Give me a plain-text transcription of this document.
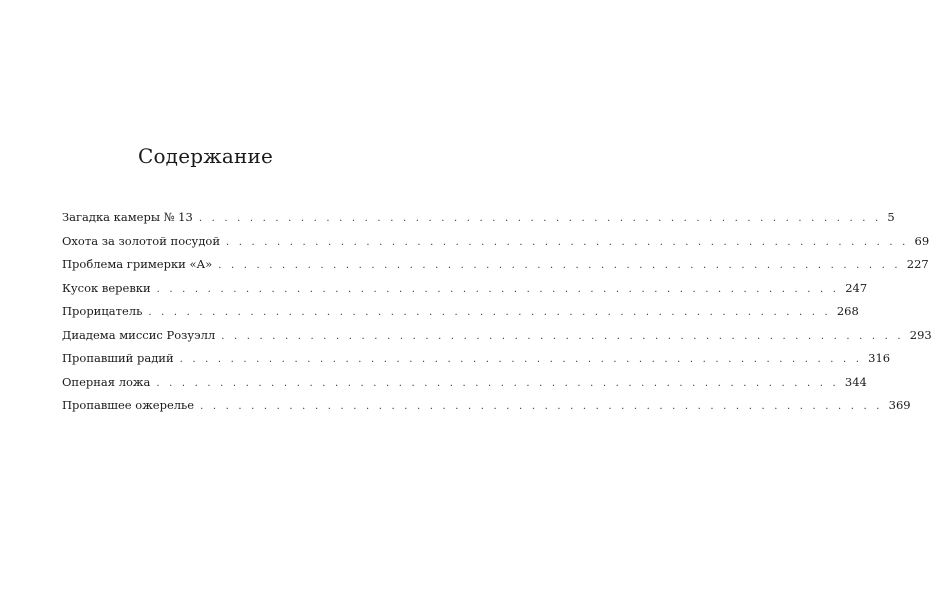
Содержание
Загадка камеры № 13 . . . . . . . . . . . . . . . . . . . . . . . . . . . . . . . . . . . . . . . . . . . . . . . . . . . . . . 5
Охота за золотой посудой . . . . . . . . . . . . . . . . . . . . . . . . . . . . . . . . . . . . . . . . . . . . . . . . . . . . . . 69
Проблема гримерки «А» . . . . . . . . . . . . . . . . . . . . . . . . . . . . . . . . . . . . . . . . . . . . . . . . . . . . . . 227
Кусок веревки . . . . . . . . . . . . . . . . . . . . . . . . . . . . . . . . . . . . . . . . . . . . . . . . . . . . . . 247
Прорицатель . . . . . . . . . . . . . . . . . . . . . . . . . . . . . . . . . . . . . . . . . . . . . . . . . . . . . . 268
Диадема миссис Розуэлл . . . . . . . . . . . . . . . . . . . . . . . . . . . . . . . . . . . . . . . . . . . . . . . . . . . . . . 293
Пропавший радий . . . . . . . . . . . . . . . . . . . . . . . . . . . . . . . . . . . . . . . . . . . . . . . . . . . . . . 316
Оперная ложа . . . . . . . . . . . . . . . . . . . . . . . . . . . . . . . . . . . . . . . . . . . . . . . . . . . . . . 344
Пропавшее ожерелье . . . . . . . . . . . . . . . . . . . . . . . . . . . . . . . . . . . . . . . . . . . . . . . . . . . . . . 369
